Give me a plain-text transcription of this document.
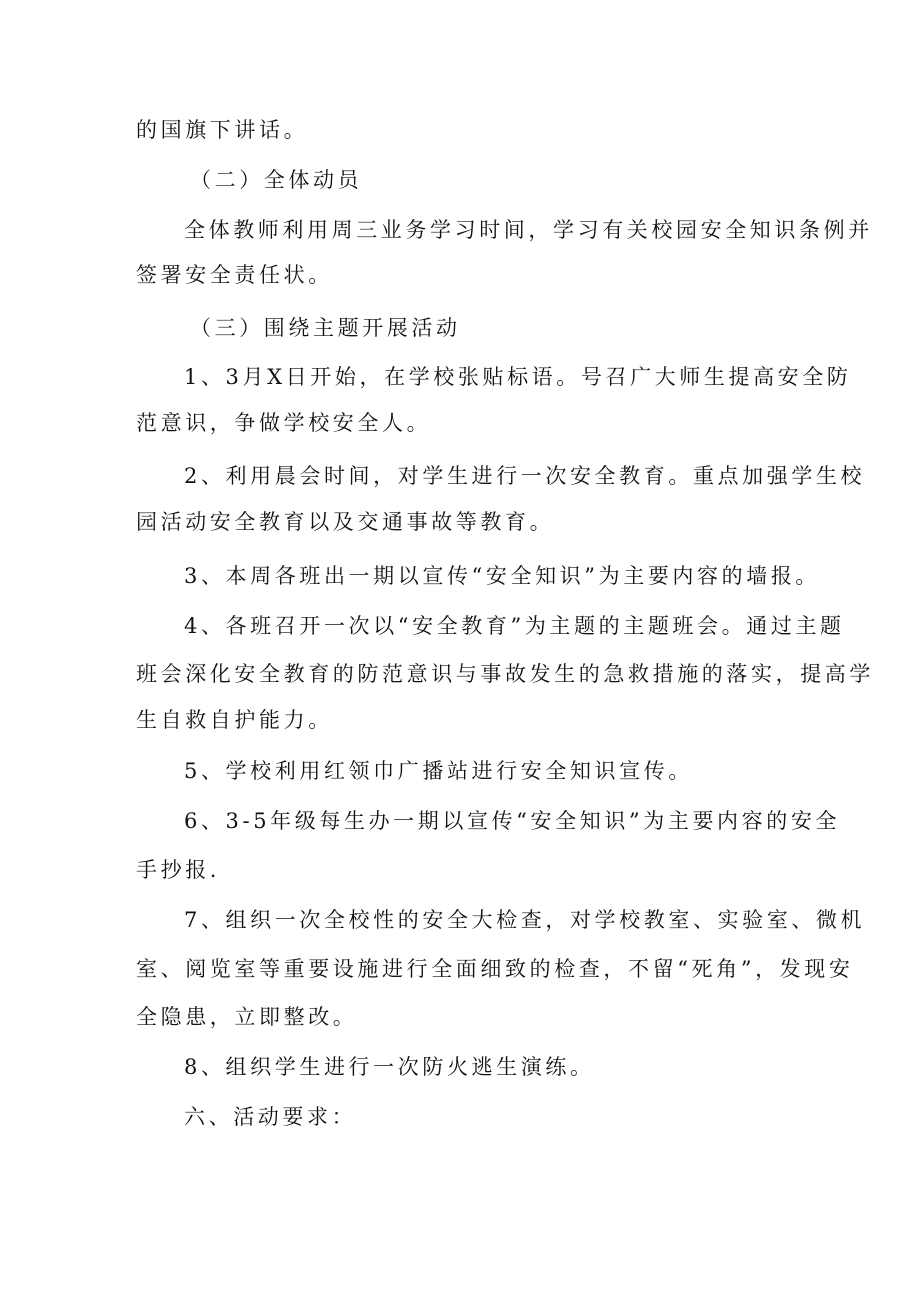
的国旗下讲话。
（二）全体动员
全体教师利用周三业务学习时间，学习有关校园安全知识条例并
签署安全责任状。
（三）围绕主题开展活动
1、3月X日开始，在学校张贴标语。号召广大师生提高安全防
范意识，争做学校安全人。
2、利用晨会时间，对学生进行一次安全教育。重点加强学生校
园活动安全教育以及交通事故等教育。
3、本周各班出一期以宣传“安全知识”为主要内容的墙报。
4、各班召开一次以“安全教育”为主题的主题班会。通过主题
班会深化安全教育的防范意识与事故发生的急救措施的落实，提高学
生自救自护能力。
5、学校利用红领巾广播站进行安全知识宣传。
6、3-5年级每生办一期以宣传“安全知识”为主要内容的安全
手抄报.
7、组织一次全校性的安全大检查，对学校教室、实验室、微机
室、阅览室等重要设施进行全面细致的检查，不留“死角”，发现安
全隐患，立即整改。
8、组织学生进行一次防火逃生演练。
六、活动要求：
